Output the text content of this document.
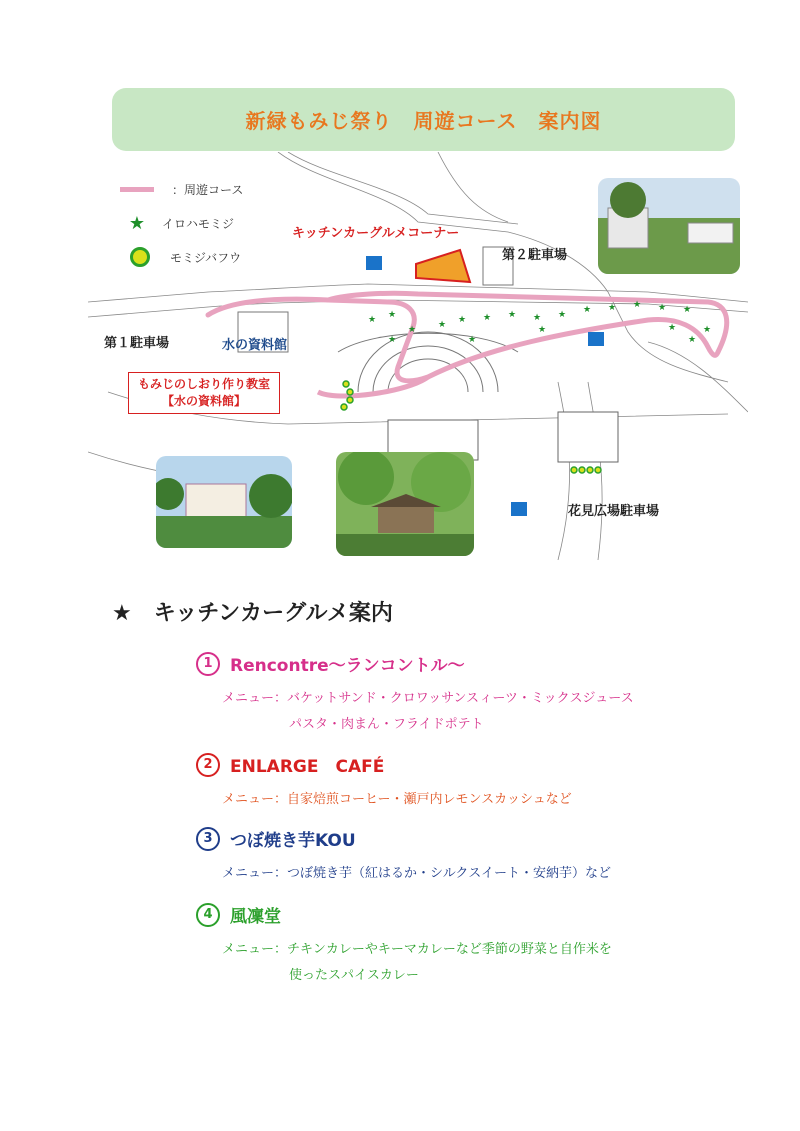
新緑もみじ祭り　周遊コース　案内図
★ ★
★ ★ ★ ★ ★ ★ ★ ★ ★ ★ ★ ★
★
★
★
★
★
★
：周遊コース
★	イロハモミジ
モミジバフウ
キッチンカーグルメコーナー
第２駐車場
第１駐車場	水の資料館
花見広場駐車場
もみじのしおり作り教室
【水の資料館】
★　キッチンカーグルメ案内
1	Rencontre～ランコントル～
メニュー：バケットサンド・クロワッサンスィーツ・ミックスジュース
パスタ・肉まん・フライドポテト
2	ENLARGE　CAFÉ
メニュー：自家焙煎コーヒー・瀬戸内レモンスカッシュなど
3	つぼ焼き芋KOU
メニュー：つぼ焼き芋（紅はるか・シルクスイート・安納芋）など
4	風凜堂
メニュー：チキンカレーやキーマカレーなど季節の野菜と自作米を
使ったスパイスカレー
